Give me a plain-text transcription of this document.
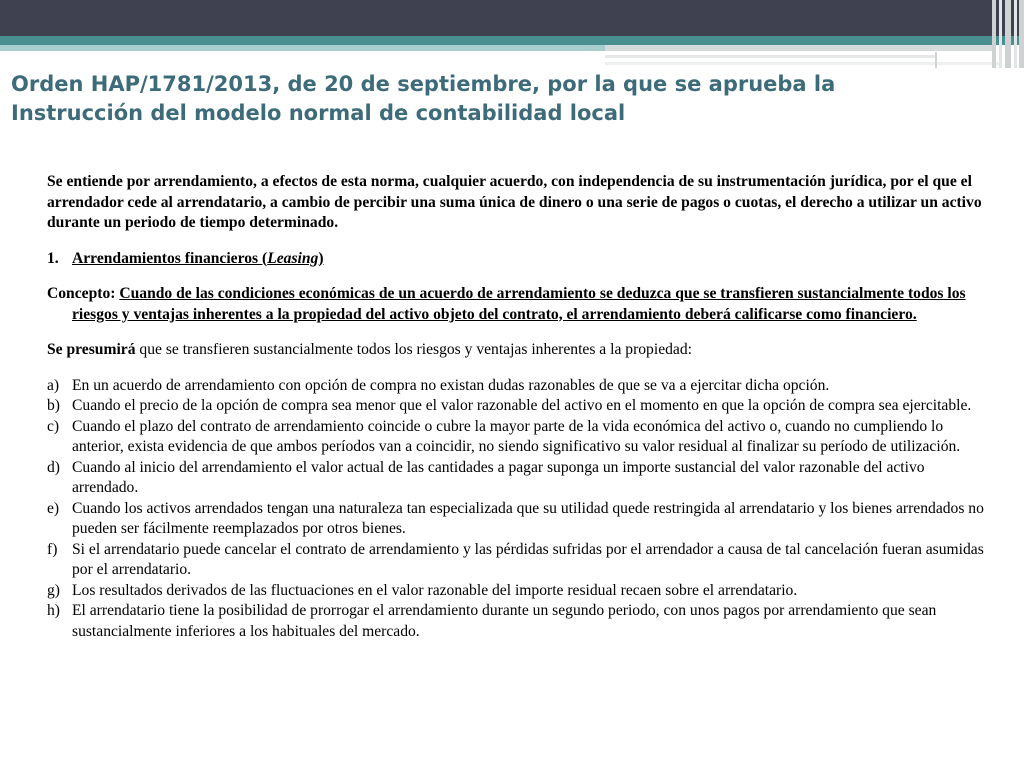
Orden HAP/1781/2013, de 20 de septiembre, por la que se aprueba la Instrucción del modelo normal de contabilidad local

Se entiende por arrendamiento, a efectos de esta norma, cualquier acuerdo, con independencia de su instrumentación jurídica, por el que el arrendador cede al arrendatario, a cambio de percibir una suma única de dinero o una serie de pagos o cuotas, el derecho a utilizar un activo durante un periodo de tiempo determinado.

1. Arrendamientos financieros (Leasing)

Concepto: Cuando de las condiciones económicas de un acuerdo de arrendamiento se deduzca que se transfieren sustancialmente todos los riesgos y ventajas inherentes a la propiedad del activo objeto del contrato, el arrendamiento deberá calificarse como financiero.

Se presumirá que se transfieren sustancialmente todos los riesgos y ventajas inherentes a la propiedad:

a) En un acuerdo de arrendamiento con opción de compra no existan dudas razonables de que se va a ejercitar dicha opción.
b) Cuando el precio de la opción de compra sea menor que el valor razonable del activo en el momento en que la opción de compra sea ejercitable.
c) Cuando el plazo del contrato de arrendamiento coincide o cubre la mayor parte de la vida económica del activo o, cuando no cumpliendo lo anterior, exista evidencia de que ambos períodos van a coincidir, no siendo significativo su valor residual al finalizar su período de utilización.
d) Cuando al inicio del arrendamiento el valor actual de las cantidades a pagar suponga un importe sustancial del valor razonable del activo arrendado.
e) Cuando los activos arrendados tengan una naturaleza tan especializada que su utilidad quede restringida al arrendatario y los bienes arrendados no pueden ser fácilmente reemplazados por otros bienes.
f) Si el arrendatario puede cancelar el contrato de arrendamiento y las pérdidas sufridas por el arrendador a causa de tal cancelación fueran asumidas por el arrendatario.
g) Los resultados derivados de las fluctuaciones en el valor razonable del importe residual recaen sobre el arrendatario.
h) El arrendatario tiene la posibilidad de prorrogar el arrendamiento durante un segundo periodo, con unos pagos por arrendamiento que sean sustancialmente inferiores a los habituales del mercado.
